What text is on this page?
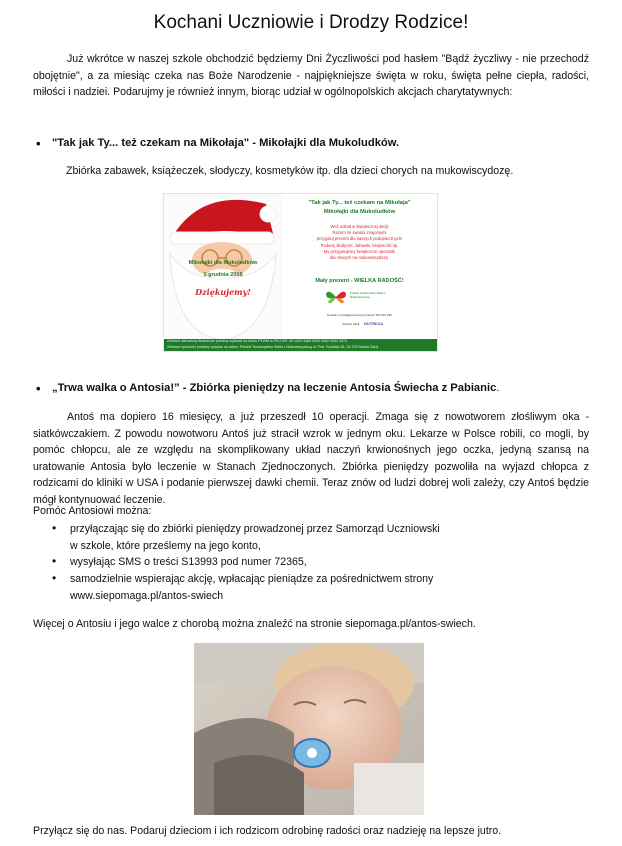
Kochani Uczniowie i Drodzy Rodzice!
Już wkrótce w naszej szkole obchodzić będziemy Dni Życzliwości pod hasłem "Bądź życzliwy - nie przechodź obojętnie", a za miesiąc czeka nas Boże Narodzenie - najpiękniejsze święta w roku, święta pełne ciepła, radości, miłości i nadziei. Podarujmy je również innym, biorąc udział w ogólnopolskich akcjach charytatywnych:
• "Tak jak Ty... też czekam na Mikołaja" - Mikołajki dla Mukoludków.
Zbiórka zabawek, książeczek, słodyczy, kosmetyków itp. dla dzieci chorych na mukowiscydozę.
Mikołajki dla Mukoludków
1 grudnia 2018
Dziękujemy!
"Tak jak Ty... też czekam na Mikołaja"
Mikołajki dla Mukoludków
Weź udział w świątecznej akcji!
Razem ze swoimi znajomymi
przygotuj prezent dla naszych podopiecznych!
Podaruj słodycze, zabawki, książeczki itp.
My przygotujemy świąteczne upominki
dla chorych na mukowiscydozę.
Mały prezent - WIELKA RADOŚĆ!
Polskie Towarzystwo Walki z Mukowiscydozą
Kontakt: poczta@pomocmyj.pl tel.tel: 504 210 290
Partner akcji: NUTRICIA
Zebrane darowizny finansowe prosimy wpłacać na konto PTWM w PKO BP: 49 1020 3466 0000 9302 0002 3473
Zebrane upominki prosimy wysyłać na adres: Polskie Towarzystwo Walki z Mukowiscydozą ul. Prof. Rudnika 36, 34-700 Rabka Zdrój
• „Trwa walka o Antosia!” - Zbiórka pieniędzy na leczenie Antosia Świecha z Pabianic.
Antoś ma dopiero 16 miesięcy, a już przeszedł 10 operacji. Zmaga się z nowotworem złośliwym oka - siatkówczakiem. Z powodu nowotworu Antoś już stracił wzrok w jednym oku. Lekarze w Polsce robili, co mogli, by pomóc chłopcu, ale ze względu na skomplikowany układ naczyń krwionośnych jego oczka, jedyną szansą na uratowanie Antosia było leczenie w Stanach Zjednoczonych. Zbiórka pieniędzy pozwoliła na wyjazd chłopca z rodzicami do kliniki w USA i podanie pierwszej dawki chemii. Teraz znów od ludzi dobrej woli zależy, czy Antoś będzie mógł kontynuować leczenie.
Pomóc Antosiowi można:
• przyłączając się do zbiórki pieniędzy prowadzonej przez Samorząd Uczniowski
w szkole, które prześlemy na jego konto,
• wysyłając SMS o treści S13993 pod numer 72365,
• samodzielnie wspierając akcję, wpłacając pieniądze za pośrednictwem strony
www.siepomaga.pl/antos-swiech
Więcej o Antosiu i jego walce z chorobą można znaleźć na stronie siepomaga.pl/antos-swiech.
Przyłącz się do nas. Podaruj dzieciom i ich rodzicom odrobinę radości oraz nadzieję na lepsze jutro.
